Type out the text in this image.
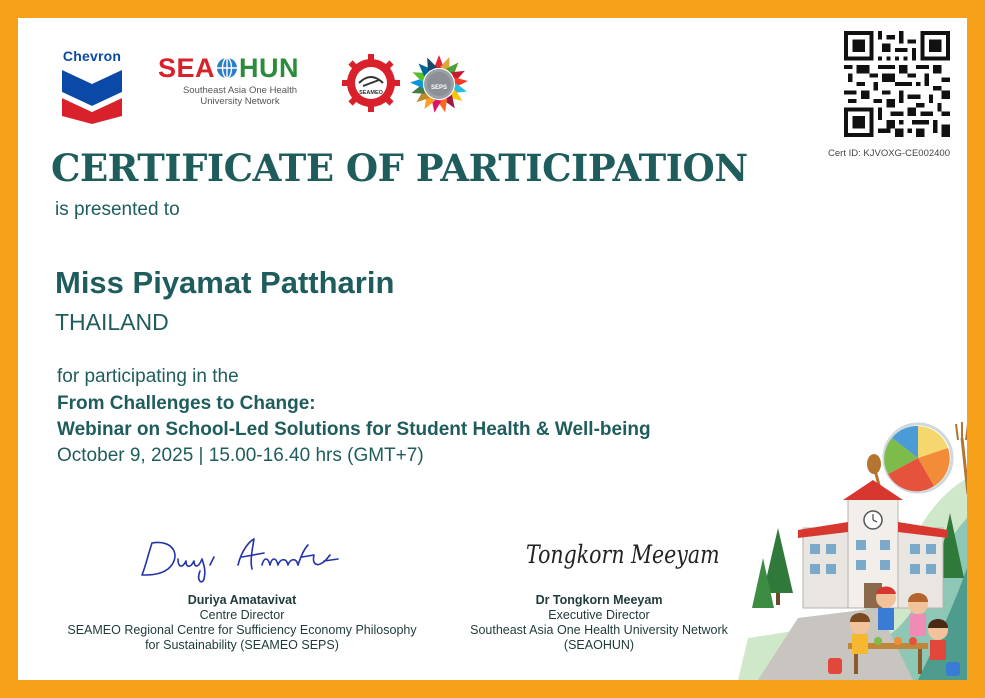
Chevron SEA HUN
Southeast Asia One Health
University Network
SEAMEO
SEPS
Cert ID: KJVOXG-CE002400
CERTIFICATE OF PARTICIPATION
is presented to
Miss Piyamat Pattharin
THAILAND
for participating in the
From Challenges to Change:
Webinar on School-Led Solutions for Student Health & Well-being
October 9, 2025 | 15.00-16.40 hrs (GMT+7)
Tongkorn Meeyam
Duriya Amatavivat
Centre Director
SEAMEO Regional Centre for Sufficiency Economy Philosophy
for Sustainability (SEAMEO SEPS)
Dr Tongkorn Meeyam
Executive Director
Southeast Asia One Health University Network
(SEAOHUN)
